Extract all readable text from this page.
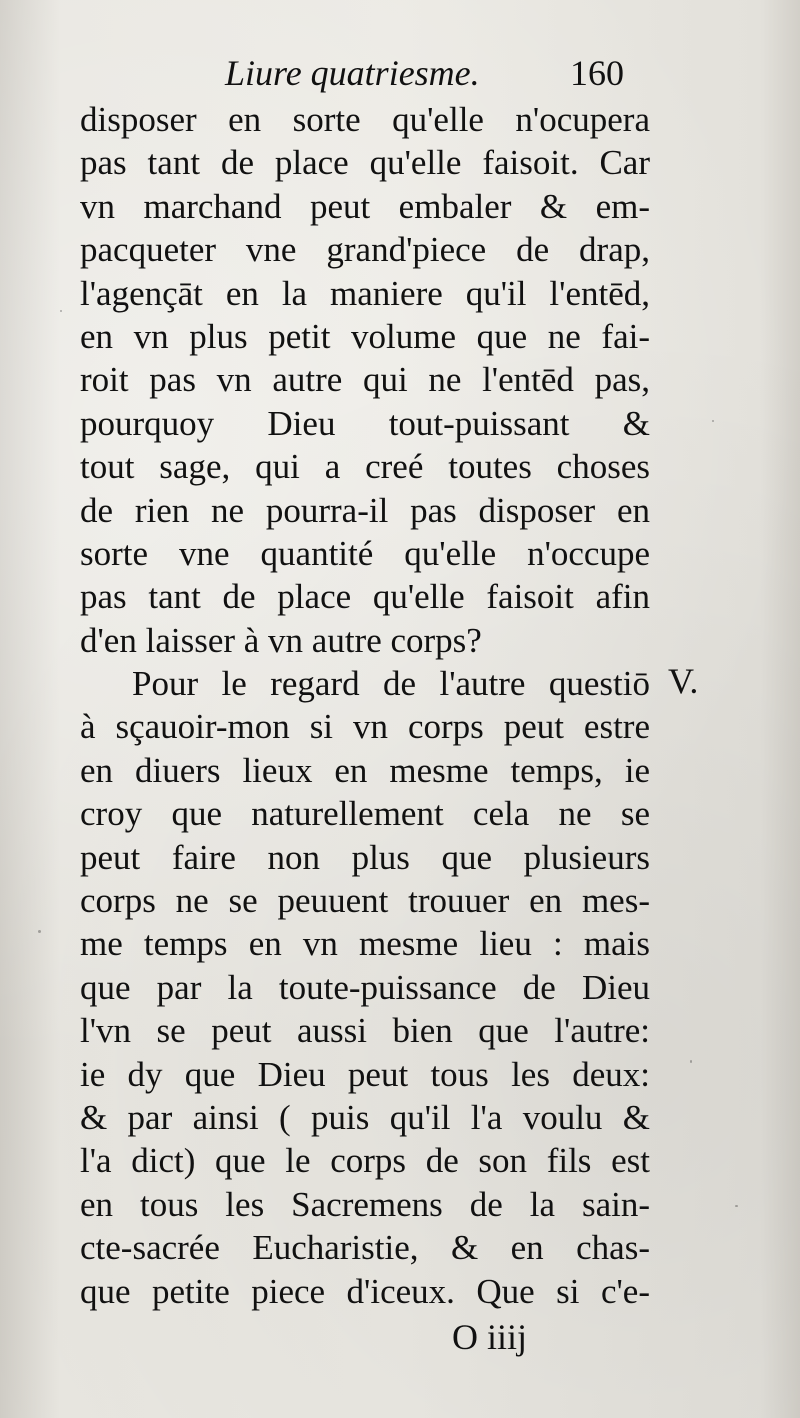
Liure quatriesme.	160
disposer en sorte qu'elle n'ocupera
pas tant de place qu'elle faisoit. Car
vn marchand peut embaler & em-
pacqueter vne grand'piece de drap,
l'agençāt en la maniere qu'il l'entēd,
en vn plus petit volume que ne fai-
roit pas vn autre qui ne l'entēd pas,
pourquoy Dieu tout-puissant &
tout sage, qui a creé toutes choses
de rien ne pourra-il pas disposer en
sorte vne quantité qu'elle n'occupe
pas tant de place qu'elle faisoit afin
d'en laisser à vn autre corps?
Pour le regard de l'autre questiō
à sçauoir-mon si vn corps peut estre
en diuers lieux en mesme temps, ie
croy que naturellement cela ne se
peut faire non plus que plusieurs
corps ne se peuuent trouuer en mes-
me temps en vn mesme lieu : mais
que par la toute-puissance de Dieu
l'vn se peut aussi bien que l'autre:
ie dy que Dieu peut tous les deux:
& par ainsi ( puis qu'il l'a voulu &
l'a dict) que le corps de son fils est
en tous les Sacremens de la sain-
cte-sacrée Eucharistie, & en chas-
que petite piece d'iceux. Que si c'e-
V.
O iiij
